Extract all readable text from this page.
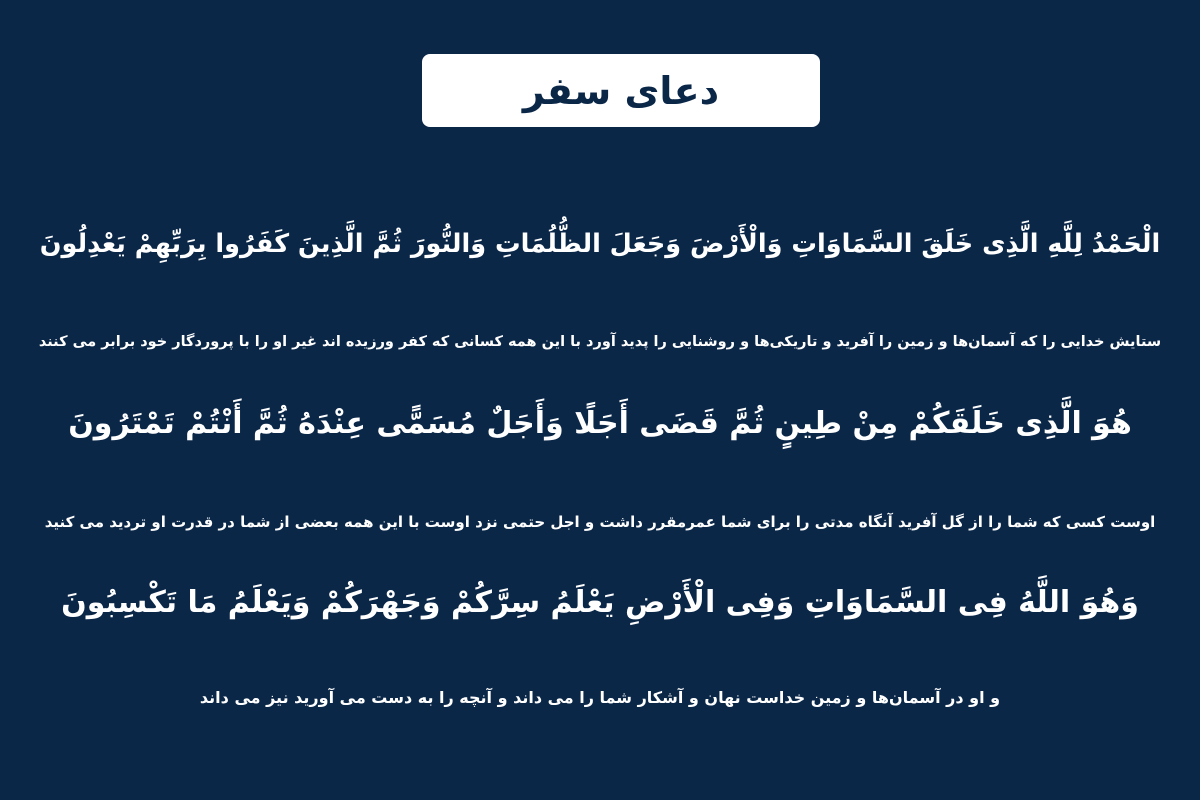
دعای سفر
الْحَمْدُ لِلَّهِ الَّذِی خَلَقَ السَّمَاوَاتِ وَالْأَرْضَ وَجَعَلَ الظُّلُمَاتِ وَالنُّورَ ثُمَّ الَّذِینَ كَفَرُوا بِرَبِّهِمْ یَعْدِلُونَ
ستایش خدایی را که آسمان‌ها و زمین را آفرید و تاریکی‌ها و روشنایی را پدید آورد با این همه کسانی که کفر ورزیده اند غیر او را با پروردگار خود برابر می کنند
هُوَ الَّذِی خَلَقَكُمْ مِنْ طِینٍ ثُمَّ قَضَى أَجَلًا وَأَجَلٌ مُسَمًّى عِنْدَهُ ثُمَّ أَنْتُمْ تَمْتَرُونَ
اوست کسی که شما را از گل آفرید آنگاه مدتی را برای شما عمرمقرر داشت و اجل حتمی نزد اوست با این همه بعضی از شما در قدرت او تردید می کنید
وَهُوَ اللَّهُ فِی السَّمَاوَاتِ وَفِی الْأَرْضِ یَعْلَمُ سِرَّكُمْ وَجَهْرَكُمْ وَیَعْلَمُ مَا تَكْسِبُونَ
و او در آسمان‌ها و زمین خداست نهان و آشکار شما را می داند و آنچه را به دست می آورید نیز می داند
